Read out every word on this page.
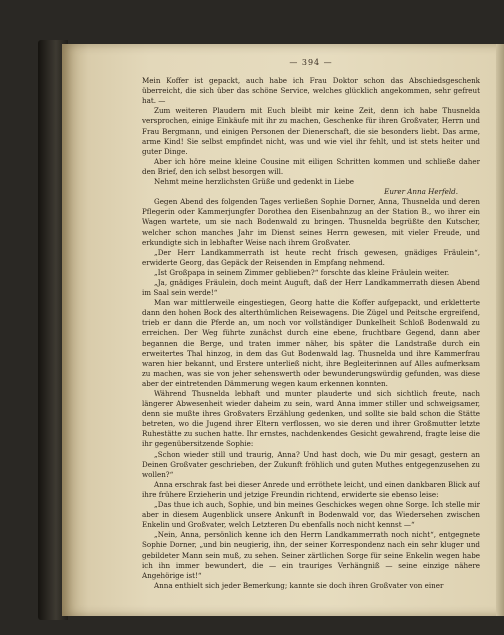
— 394 —

Mein Koffer ist gepackt, auch habe ich Frau Doktor schon das Abschiedsgeschenk überreicht, die sich über das schöne Service, welches glücklich angekommen, sehr gefreut hat. —

Zum weiteren Plaudern mit Euch bleibt mir keine Zeit, denn ich habe Thusnelda versprochen, einige Einkäufe mit ihr zu machen, Geschenke für ihren Großvater, Herrn und Frau Bergmann, und einigen Personen der Dienerschaft, die sie besonders liebt. Das arme, arme Kind! Sie selbst empfindet nicht, was und wie viel ihr fehlt, und ist stets heiter und guter Dinge.

Aber ich höre meine kleine Cousine mit eiligen Schritten kommen und schließe daher den Brief, den ich selbst besorgen will.

Nehmt meine herzlichsten Grüße und gedenkt in Liebe

Eurer Anna Herfeld.

Gegen Abend des folgenden Tages verließen Sophie Dorner, Anna, Thusnelda und deren Pflegerin oder Kammerjungfer Dorothea den Eisenbahnzug an der Station B., wo ihrer ein Wagen wartete, um sie nach Bodenwald zu bringen. Thusnelda begrüßte den Kutscher, welcher schon manches Jahr im Dienst seines Herrn gewesen, mit vieler Freude, und erkundigte sich in lebhafter Weise nach ihrem Großvater.

„Der Herr Landkammerrath ist heute recht frisch gewesen, gnädiges Fräulein“, erwiderte Georg, das Gepäck der Reisenden in Empfang nehmend.

„Ist Großpapa in seinem Zimmer geblieben?“ forschte das kleine Fräulein weiter.

„Ja, gnädiges Fräulein, doch meint Auguft, daß der Herr Landkammerrath diesen Abend im Saal sein werde!“

Man war mittlerweile eingestiegen, Georg hatte die Koffer aufgepackt, und erkletterte dann den hohen Bock des alterthümlichen Reisewagens. Die Zügel und Peitsche ergreifend, trieb er dann die Pferde an, um noch vor vollständiger Dunkelheit Schloß Bodenwald zu erreichen. Der Weg führte zunächst durch eine ebene, fruchtbare Gegend, dann aber begannen die Berge, und traten immer näher, bis später die Landstraße durch ein erweitertes Thal hinzog, in dem das Gut Bodenwald lag. Thusnelda und ihre Kammerfrau waren hier bekannt, und Erstere unterließ nicht, ihre Begleiterinnen auf Alles aufmerksam zu machen, was sie von jeher sehenswerth oder bewunderungswürdig gefunden, was diese aber der eintretenden Dämmerung wegen kaum erkennen konnten.

Während Thusnelda lebhaft und munter plauderte und sich sichtlich freute, nach längerer Abwesenheit wieder daheim zu sein, ward Anna immer stiller und schweigsamer, denn sie mußte ihres Großvaters Erzählung gedenken, und sollte sie bald schon die Stätte betreten, wo die Jugend ihrer Eltern verflossen, wo sie deren und ihrer Großmutter letzte Ruhestätte zu suchen hatte. Ihr ernstes, nachdenkendes Gesicht gewahrend, fragte leise die ihr gegenübersitzende Sophie:

„Schon wieder still und traurig, Anna? Und hast doch, wie Du mir gesagt, gestern an Deinen Großvater geschrieben, der Zukunft fröhlich und guten Muthes entgegenzusehen zu wollen?“

Anna erschrak fast bei dieser Anrede und erröthete leicht, und einen dankbaren Blick auf ihre frühere Erzieherin und jetzige Freundin richtend, erwiderte sie ebenso leise:

„Das thue ich auch, Sophie, und bin meines Geschickes wegen ohne Sorge. Ich stelle mir aber in diesem Augenblick unsere Ankunft in Bodenwald vor, das Wiedersehen zwischen Enkelin und Großvater, welch Letzteren Du ebenfalls noch nicht kennst —“

„Nein, Anna, persönlich kenne ich den Herrn Landkammerrath noch nicht“, entgegnete Sophie Dorner, „und bin neugierig, ihn, der seiner Korrespondenz nach ein sehr kluger und gebildeter Mann sein muß, zu sehen. Seiner zärtlichen Sorge für seine Enkelin wegen habe ich ihn immer bewundert, die — ein trauriges Verhängniß — seine einzige nähere Angehörige ist!“

Anna enthielt sich jeder Bemerkung; kannte sie doch ihren Großvater von einer
